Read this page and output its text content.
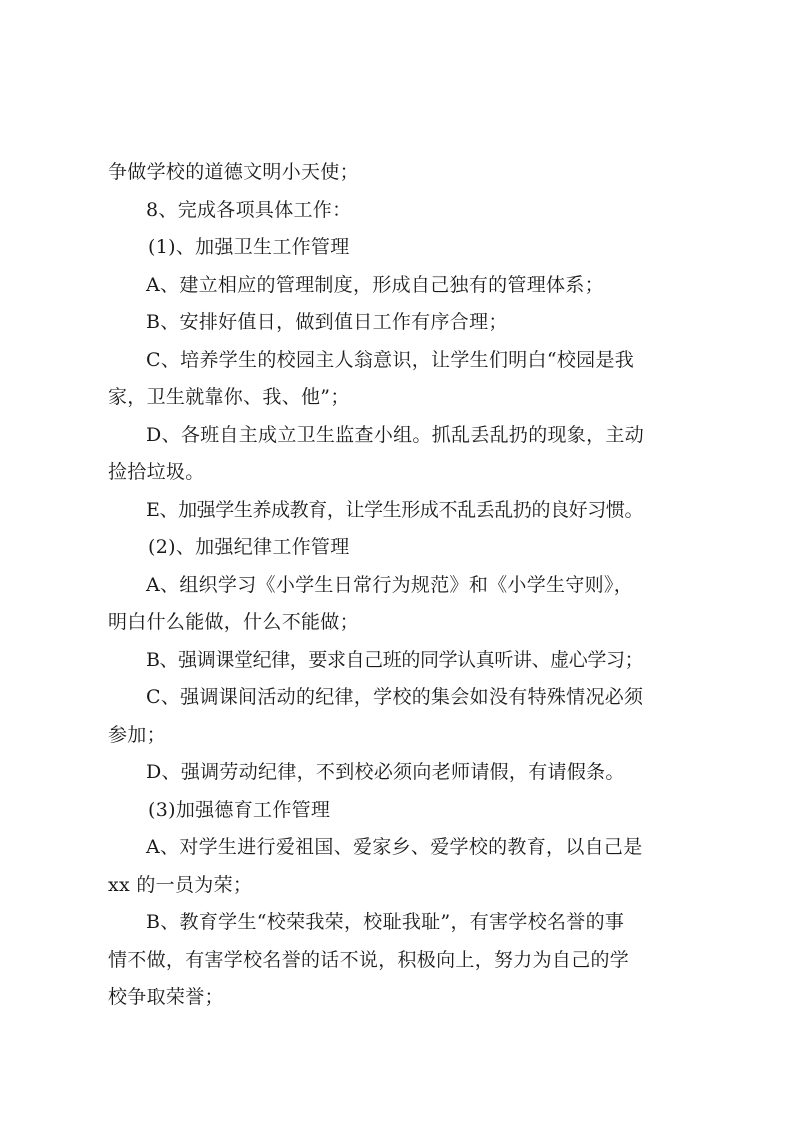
争做学校的道德文明小天使；
8、完成各项具体工作：
(1)、加强卫生工作管理
A、建立相应的管理制度，形成自己独有的管理体系；
B、安排好值日，做到值日工作有序合理；
C、培养学生的校园主人翁意识，让学生们明白“校园是我
家，卫生就靠你、我、他”；
D、各班自主成立卫生监查小组。抓乱丢乱扔的现象，主动
捡拾垃圾。
E、加强学生养成教育，让学生形成不乱丢乱扔的良好习惯。
(2)、加强纪律工作管理
A、组织学习《小学生日常行为规范》和《小学生守则》，
明白什么能做，什么不能做；
B、强调课堂纪律，要求自己班的同学认真听讲、虚心学习；
C、强调课间活动的纪律，学校的集会如没有特殊情况必须
参加；
D、强调劳动纪律，不到校必须向老师请假，有请假条。
(3)加强德育工作管理
A、对学生进行爱祖国、爱家乡、爱学校的教育，以自己是
xx 的一员为荣；
B、教育学生“校荣我荣，校耻我耻”，有害学校名誉的事
情不做，有害学校名誉的话不说，积极向上，努力为自己的学
校争取荣誉；
